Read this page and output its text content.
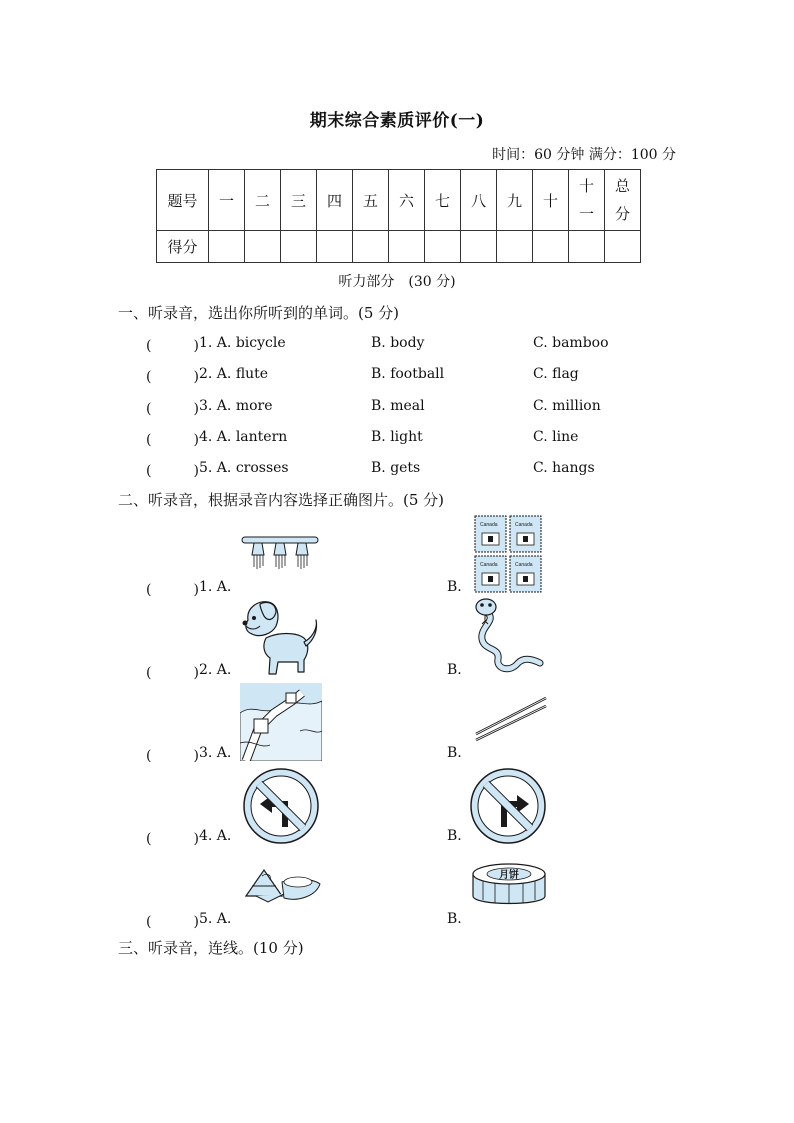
期末综合素质评价(一)
时间：60 分钟 满分：100 分
题号	一	二	三	四	五	六	七	八	九	十	十一	总分
得分												
听力部分　(30 分)
一、听录音，选出你所听到的单词。(5 分)
(　　　) 1. A. bicycle	B. body	C. bamboo
(　　　) 2. A. flute	B. football	C. flag
(　　　) 3. A. more	B. meal	C. million
(　　　) 4. A. lantern	B. light	C. line
(　　　) 5. A. crosses	B. gets	C. hangs
二、听录音，根据录音内容选择正确图片。(5 分)
(　　　) 1. A.	B.
Canada	Canada
Canada	Canada
(　　　) 2. A.	B.
(　　　) 3. A.	B.
(　　　) 4. A.	B.
(　　　) 5. A.	B.
月饼
三、听录音，连线。(10 分)
